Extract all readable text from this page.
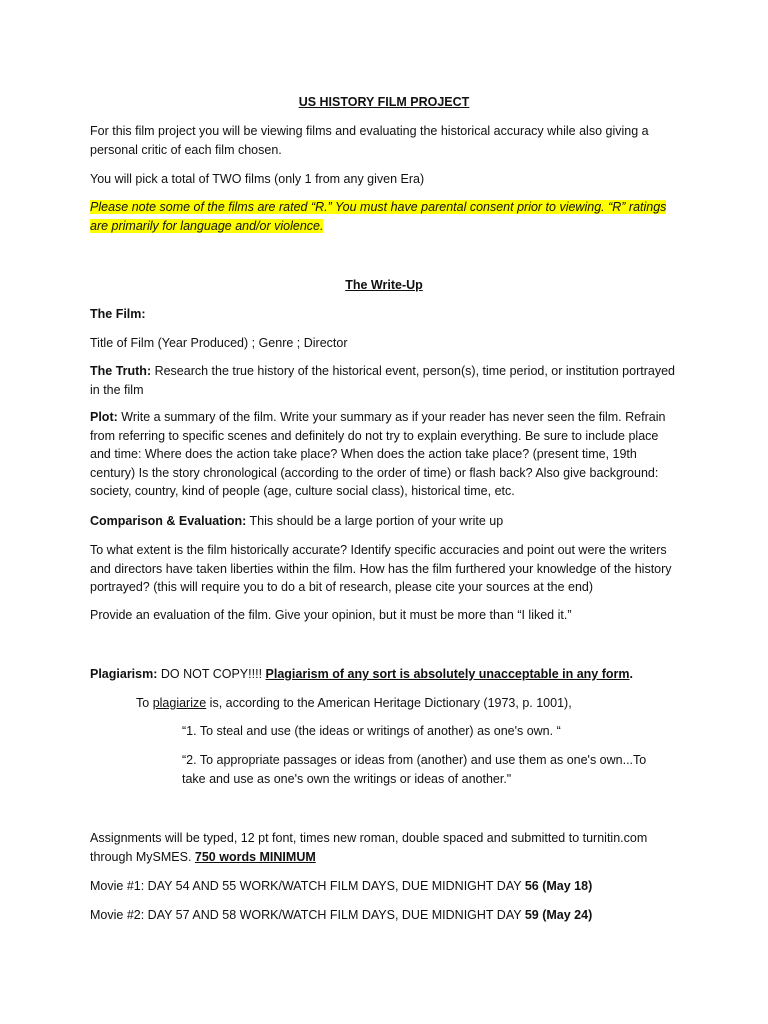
US HISTORY FILM PROJECT

For this film project you will be viewing films and evaluating the historical accuracy while also giving a personal critic of each film chosen.

You will pick a total of TWO films (only 1 from any given Era)

Please note some of the films are rated “R.” You must have parental consent prior to viewing. “R” ratings are primarily for language and/or violence.

The Write-Up

The Film:

Title of Film (Year Produced) ; Genre ; Director

The Truth: Research the true history of the historical event, person(s), time period, or institution portrayed in the film

Plot: Write a summary of the film. Write your summary as if your reader has never seen the film. Refrain from referring to specific scenes and definitely do not try to explain everything. Be sure to include place and time: Where does the action take place? When does the action take place? (present time, 19th century) Is the story chronological (according to the order of time) or flash back? Also give background: society, country, kind of people (age, culture social class), historical time, etc.

Comparison & Evaluation: This should be a large portion of your write up

To what extent is the film historically accurate? Identify specific accuracies and point out were the writers and directors have taken liberties within the film. How has the film furthered your knowledge of the history portrayed? (this will require you to do a bit of research, please cite your sources at the end)

Provide an evaluation of the film. Give your opinion, but it must be more than “I liked it.”

Plagiarism: DO NOT COPY!!!! Plagiarism of any sort is absolutely unacceptable in any form.

To plagiarize is, according to the American Heritage Dictionary (1973, p. 1001),

“1. To steal and use (the ideas or writings of another) as one's own. “

“2. To appropriate passages or ideas from (another) and use them as one's own...To take and use as one's own the writings or ideas of another."

Assignments will be typed, 12 pt font, times new roman, double spaced and submitted to turnitin.com through MySMES. 750 words MINIMUM

Movie #1: DAY 54 AND 55 WORK/WATCH FILM DAYS, DUE MIDNIGHT DAY 56 (May 18)

Movie #2: DAY 57 AND 58 WORK/WATCH FILM DAYS, DUE MIDNIGHT DAY 59 (May 24)
